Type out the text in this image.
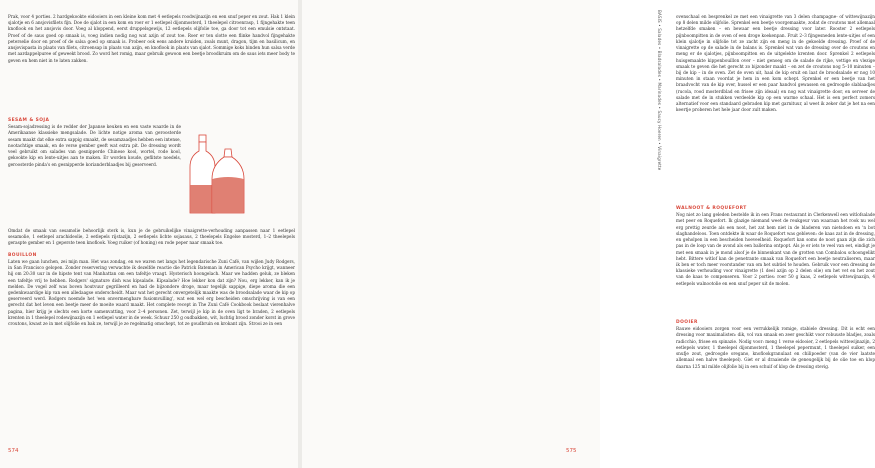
Prak, voor 4 porties. 2 hardgekookte eidooiers in een kleine kom met 4 eetlepels roodwijnazijn en een snuf peper en zout. Hak 1 klein sjalotje en 6 ansjovisfilets fijn. Doe de sjalot in een kom en roer er 1 eetlepel dijonmosterd, 1 theelepel citroenrasp, 1 fijngehakte teen knoflook en het ansjovis door. Voeg al kloppend, eerst druppelsgewijs, 12 eetlepels olijfolie toe, ga door tot een emulsie ontstaat. Proef of de saus goed op smaak is, voeg indien nodig nog wat azijn of zout toe. Roer er ten slotte een flinke handvol fijngehakte peterselie door en proef of de salsa goed op smaak is. Probeer ook eens andere kruiden, zoals munt, dragon, tijm en basilicum, en ansjovispasta in plaats van filets, citroensap in plaats van azijn, en knoflook in plaats van sjalot. Sommige koks binden hun salsa verde met aardappelpuree of geweekt brood. Zo word het romig, maar gebruik gewoon een beetje broodkruim om de saus iets meer body te geven en hem niet in te laten zakken.

SESAM & SOJA

Sesam-sojadressing is de redder der Japanse keuken en een vaste waarde in de Amerikaanse klassieke mengsalade. De lichte notige aroma van geroosterde sesam maakt dat elke extra sappig smaakt, de sesamzaadjes hebben een intense, nootachtige smaak, en de verse gember geeft wat extra pit. De dressing wordt veel gebruikt om salades van gesnipperde Chinese kool, wortel, rode kool, gekookte kip en lente-uitjes aan te maken. Er worden koude, geflitste noedels, geroosterde pinda's en gesnipperde korianderblaadjes bij geserveerd.

Omdat de smaak van sesamolie behoorlijk sterk is, kun je de gebruikelijke vinaigrette-verhouding aanpassen naar 1 eetlepel sesamolie, 1 eetlepel arachideolie, 2 eetlepels rijstazijn, 2 eetlepels lichte sojasaus, 2 theelepels Engelse mosterd, 1–2 theelepels geraspte gember en 1 geperste teen knoflook. Voeg ruiker (of honing) en rode peper naar smaak toe.

BOUILLON

Laten we gaan lunchen, zei mijn man. Het was zondag, en we waren net langs het legendarische Zuni Café, van wijlen Judy Rodgers, in San Francisco gelopen. Zonder reservering verwachte ik dezelfde reactie die Patrick Bateman in American Psycho krijgt, wanneer hij om 20:30 uur in de hipste tent van Manhattan om een tafeltje vraagt. Hysterisch hoongelach. Maar we hadden geluk, ze bleken een tafeltje vrij te hebben. Rodgers' signature dish was kipsalade. Kipsalade? Hoe lekker kon dat zijn? Nou, erg lekker, kan ik je melden. De vogel zelf was boven houtvuur gegrilleerd en had de bijzondere droge, maar tegelijk sappige, diepe aroma die een gedenkwaardige kip van een alledaagse onderscheidt. Maar wat het gerecht onvergetelijk maakte was de broodsalade waar de kip op geserveerd werd. Rodgers noemde het 'een onvermengbare fusiomvulling', wat een wel erg bescheiden omschrijving is van een gerecht dat het leven een beetje meer de moeite waard maakt. Het complete recept in The Zuni Café Cookbook beslaat vierenhalve pagina, hier krijg je slechts een korte samenvatting, voor 2–4 personen. Zet, terwijl je kip in de oven ligt te braden, 2 eetlepels krenten in 1 theelepel rodewijnazijn en 1 eetlepel water in de week. Schuur 250 g oudbakken, wit, luchtig brood zonder korst in grove croutons, kwast ze in met olijfolie en bak ze, terwijl je ze regelmatig omschept, tot ze goudbruin en krokant zijn. Strooi ze in een

574
BASIS • Salades • Bladsalades • Marinades • Saucy Hoeren • Vinaigrette	ovenschaal en besprenkel ze met een vinaigrette van 3 delen champagne- of wittewijnazijn op 8 delen milde olijfolie. Sprenkel een beetje voorgemaakte, zodat de croutons met allemaal hetzelfde smaken – en bewaar een beetje dressing voor later. Rooster 2 eetlepels pijnboompitten in de oven of een droge koekenpan. Fruit 2–3 fijngesneden lente-uitjes of een klein sjalotje in olijfolie tot ze zacht zijn en meng in de gekoelde dressing. Proef of de vinaigrette op de salade in de balans is. Sprenkel wat van de dressing over de croutons en meng er de sjalotjes, pijnboompitten en de uitgelekte krenten door. Sprenkel 2 eetlepels huisgemaakte kippenbouillon over – niet genoeg om de salade de rijke, vettige en vlezige smaak te geven die het gerecht zo bijzonder maakt – en zet de croutons nog 5–10 minuten – bij de kip – in de oven. Zet de oven uit, haal de kip eruit en laat de broodsalade er nog 10 minuten in staan voordat je hem in een kom schept. Sprenkel er een beetje van het braadvocht van de kip over, hussel er een paar handvol gewassen en gedroogde slablaadjes (rucola, rood mosterdblad en frisee zijn ideaal) en nog wat vinaigrette door, en serveer de salade met de in stukken verdeelde kip op een warme schaal. Het is een perfect zomers alternatief voor een standaard gebraden kip met garnituur, al weet ik zeker dat je het na een keertje proberen het hele jaar door zult maken.

WALNOOT & ROQUEFORT

Nog niet zo lang geleden bestelde ik in een Frans restaurant in Clerkenwell een witlofsalade met peer en Roquefort. Ik glazige niemand weet de reukgeur van waaraan het rook nu wel erg prettig zeurde als een noot, het zat hem niet in de bladeren van nietsdoen en 'n bot slaghandeloos. Toen ontdekte ik waar de Roquefort was gebleven: de kaas zat in de dressing, en geholpen in een bescheiden hoeveelheid. Roquefort kan soms de noot gaan zijn die zich pas in de loop van de avond als een ballerina ontpopt. Als je er iets te veel van eet, eindigt je met een smaak in je mond alsof je de binnenkant van de grotten van Combalou schoongelikt hebt. Bittere witlof kan de penetrante smaak van Roquefort een beetje neutraliseren, maar ik ben er toch meer voorstander van om het subtiel te houden. Gebruik voor een dressing de klassieke verhouding voor vinaigrette (1 deel azijn op 2 delen olie) om het vet en het zout van de kaas te compenseren. Voor 2 porties: roer 50 g kaas, 2 eetlepels wittewijnazijn, 4 eetlepels walnootolie en een snuf peper uit de molen.

DOOIER

Rauwe eidooiers zorgen voor een verrukkelijk romige, stabiele dressing. Dit is echt een dressing voor maximalisten: dik, vol van smaak en zeer geschikt voor robuuste bladjes, zoals radicchio, frisee en spinazie. Nodig voor: meng 1 verse eidooier, 2 eetlepels wittewijnazijn, 2 eetlepels water, 1 theelepel dijonmosterd, 1 theelepel pepermunt, 1 theelepel suiker, een snufje zout, gedroogde oregano, knoflookgranulaat en chilipoeder (van de vier laatste allemaal een halve theelepel). Giet er al draaiende de geneugelijk bij de olie toe en klop daarna 125 ml milde olijfolie bij in een schuif of klop de dressing stevig.

575
